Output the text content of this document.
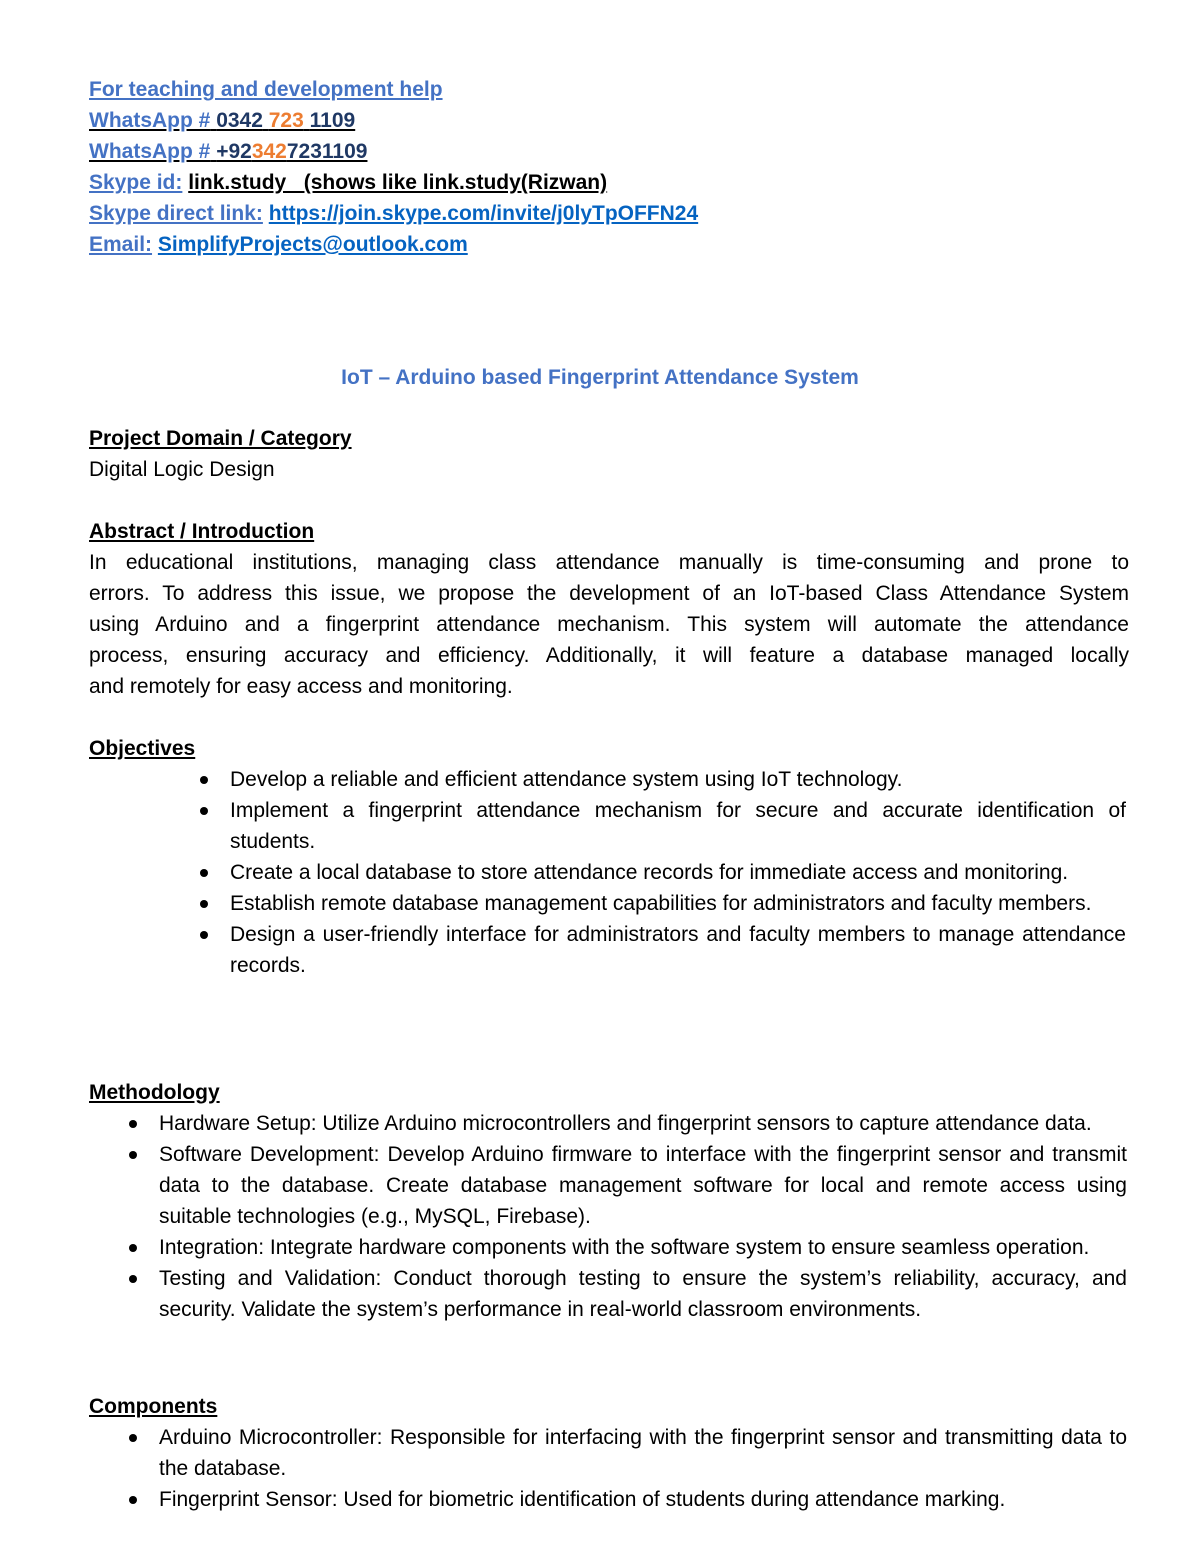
For teaching and development help
WhatsApp # 0342 723 1109
WhatsApp # +923427231109
Skype id: link.study   (shows like link.study(Rizwan)
Skype direct link: https://join.skype.com/invite/j0lyTpOFFN24
Email: SimplifyProjects@outlook.com
IoT – Arduino based Fingerprint Attendance System
Project Domain / Category
Digital Logic Design
Abstract / Introduction
In educational institutions, managing class attendance manually is time-consuming and prone to
errors. To address this issue, we propose the development of an IoT-based Class Attendance System
using Arduino and a fingerprint attendance mechanism. This system will automate the attendance
process, ensuring accuracy and efficiency. Additionally, it will feature a database managed locally
and remotely for easy access and monitoring.
Objectives
Develop a reliable and efficient attendance system using IoT technology.
Implement a fingerprint attendance mechanism for secure and accurate identification of students.
Create a local database to store attendance records for immediate access and monitoring.
Establish remote database management capabilities for administrators and faculty members.
Design a user-friendly interface for administrators and faculty members to manage attendance records.
Methodology
Hardware Setup: Utilize Arduino microcontrollers and fingerprint sensors to capture attendance data.
Software Development: Develop Arduino firmware to interface with the fingerprint sensor and transmit data to the database. Create database management software for local and remote access using suitable technologies (e.g., MySQL, Firebase).
Integration: Integrate hardware components with the software system to ensure seamless operation.
Testing and Validation: Conduct thorough testing to ensure the system’s reliability, accuracy, and security. Validate the system’s performance in real-world classroom environments.
Components
Arduino Microcontroller: Responsible for interfacing with the fingerprint sensor and transmitting data to the database.
Fingerprint Sensor: Used for biometric identification of students during attendance marking.
